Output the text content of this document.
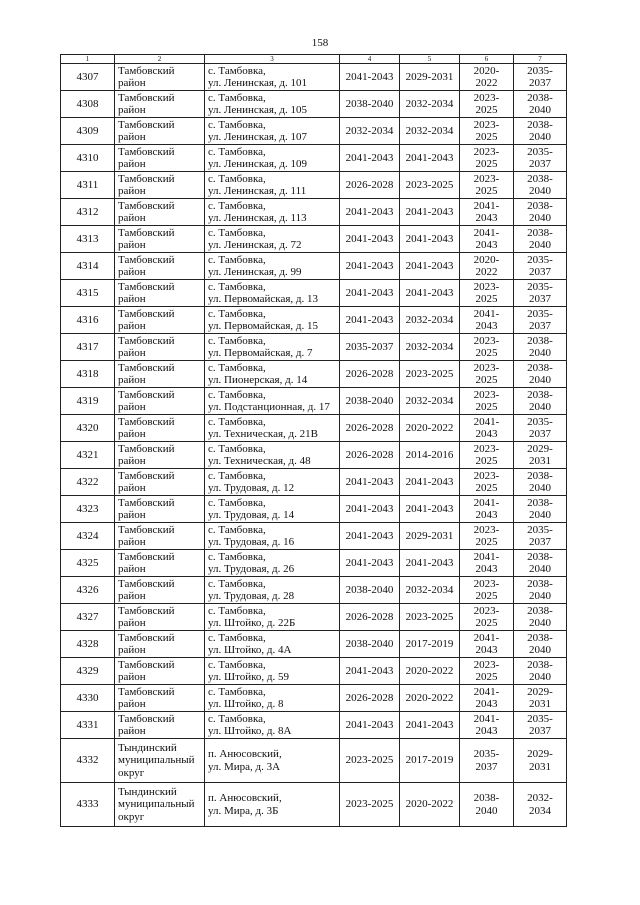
158
1	2	3	4	5	6	7
4307	Тамбовский район	с. Тамбовка,
ул. Ленинская, д. 101	2041-2043	2029-2031	2020-2022	2035-2037
4308	Тамбовский район	с. Тамбовка,
ул. Ленинская, д. 105	2038-2040	2032-2034	2023-2025	2038-2040
4309	Тамбовский район	с. Тамбовка,
ул. Ленинская, д. 107	2032-2034	2032-2034	2023-2025	2038-2040
4310	Тамбовский район	с. Тамбовка,
ул. Ленинская, д. 109	2041-2043	2041-2043	2023-2025	2035-2037
4311	Тамбовский район	с. Тамбовка,
ул. Ленинская, д. 111	2026-2028	2023-2025	2023-2025	2038-2040
4312	Тамбовский район	с. Тамбовка,
ул. Ленинская, д. 113	2041-2043	2041-2043	2041-2043	2038-2040
4313	Тамбовский район	с. Тамбовка,
ул. Ленинская, д. 72	2041-2043	2041-2043	2041-2043	2038-2040
4314	Тамбовский район	с. Тамбовка,
ул. Ленинская, д. 99	2041-2043	2041-2043	2020-2022	2035-2037
4315	Тамбовский район	с. Тамбовка,
ул. Первомайская, д. 13	2041-2043	2041-2043	2023-2025	2035-2037
4316	Тамбовский район	с. Тамбовка,
ул. Первомайская, д. 15	2041-2043	2032-2034	2041-2043	2035-2037
4317	Тамбовский район	с. Тамбовка,
ул. Первомайская, д. 7	2035-2037	2032-2034	2023-2025	2038-2040
4318	Тамбовский район	с. Тамбовка,
ул. Пионерская, д. 14	2026-2028	2023-2025	2023-2025	2038-2040
4319	Тамбовский район	с. Тамбовка,
ул. Подстанционная, д. 17	2038-2040	2032-2034	2023-2025	2038-2040
4320	Тамбовский район	с. Тамбовка,
ул. Техническая, д. 21В	2026-2028	2020-2022	2041-2043	2035-2037
4321	Тамбовский район	с. Тамбовка,
ул. Техническая, д. 48	2026-2028	2014-2016	2023-2025	2029-2031
4322	Тамбовский район	с. Тамбовка,
ул. Трудовая, д. 12	2041-2043	2041-2043	2023-2025	2038-2040
4323	Тамбовский район	с. Тамбовка,
ул. Трудовая, д. 14	2041-2043	2041-2043	2041-2043	2038-2040
4324	Тамбовский район	с. Тамбовка,
ул. Трудовая, д. 16	2041-2043	2029-2031	2023-2025	2035-2037
4325	Тамбовский район	с. Тамбовка,
ул. Трудовая, д. 26	2041-2043	2041-2043	2041-2043	2038-2040
4326	Тамбовский район	с. Тамбовка,
ул. Трудовая, д. 28	2038-2040	2032-2034	2023-2025	2038-2040
4327	Тамбовский район	с. Тамбовка,
ул. Штойко, д. 22Б	2026-2028	2023-2025	2023-2025	2038-2040
4328	Тамбовский район	с. Тамбовка,
ул. Штойко, д. 4А	2038-2040	2017-2019	2041-2043	2038-2040
4329	Тамбовский район	с. Тамбовка,
ул. Штойко, д. 59	2041-2043	2020-2022	2023-2025	2038-2040
4330	Тамбовский район	с. Тамбовка,
ул. Штойко, д. 8	2026-2028	2020-2022	2041-2043	2029-2031
4331	Тамбовский район	с. Тамбовка,
ул. Штойко, д. 8А	2041-2043	2041-2043	2041-2043	2035-2037
4332	Тындинский муниципальный округ	п. Анюсовский,
ул. Мира, д. 3А	2023-2025	2017-2019	2035-2037	2029-2031
4333	Тындинский муниципальный округ	п. Анюсовский,
ул. Мира, д. 3Б	2023-2025	2020-2022	2038-2040	2032-2034
